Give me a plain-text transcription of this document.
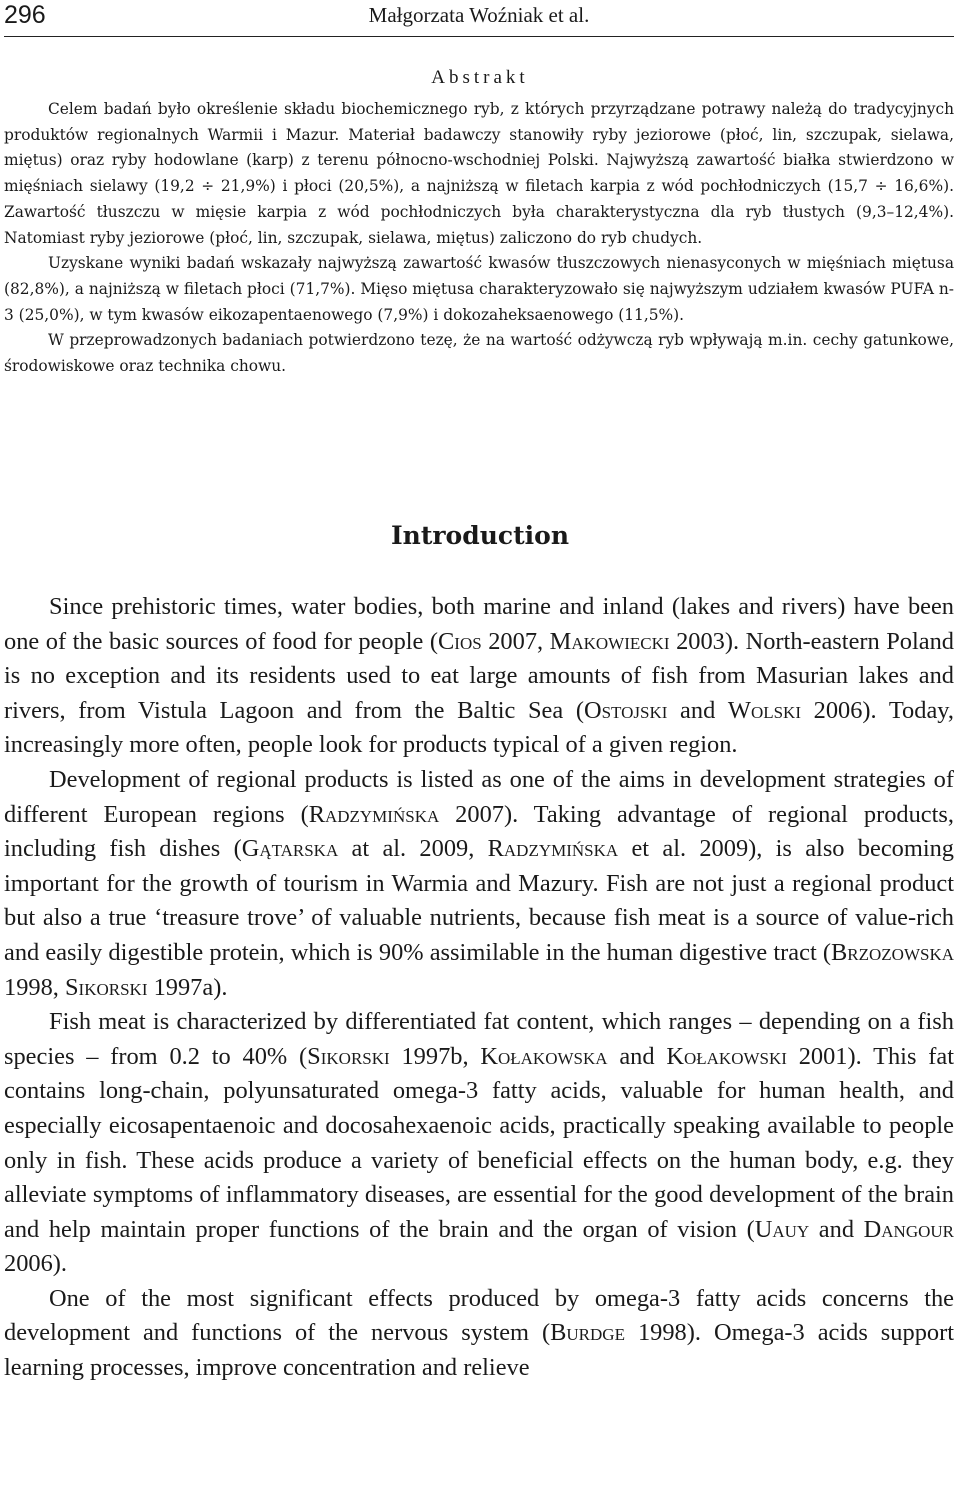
296	Małgorzata Woźniak et al.
Abstrakt

Celem badań było określenie składu biochemicznego ryb, z których przyrządzane potrawy należą do tradycyjnych produktów regionalnych Warmii i Mazur. Materiał badawczy stanowiły ryby jeziorowe (płoć, lin, szczupak, sielawa, miętus) oraz ryby hodowlane (karp) z terenu północno-wschodniej Polski. Najwyższą zawartość białka stwierdzono w mięśniach sielawy (19,2 ÷ 21,9%) i płoci (20,5%), a najniższą w filetach karpia z wód pochłodniczych (15,7 ÷ 16,6%). Zawartość tłuszczu w mięsie karpia z wód pochłodniczych była charakterystyczna dla ryb tłustych (9,3–12,4%). Natomiast ryby jeziorowe (płoć, lin, szczupak, sielawa, miętus) zaliczono do ryb chudych.

Uzyskane wyniki badań wskazały najwyższą zawartość kwasów tłuszczowych nienasyconych w mięśniach miętusa (82,8%), a najniższą w filetach płoci (71,7%). Mięso miętusa charakteryzowało się najwyższym udziałem kwasów PUFA n-3 (25,0%), w tym kwasów eikozapentaenowego (7,9%) i dokozaheksaenowego (11,5%).

W przeprowadzonych badaniach potwierdzono tezę, że na wartość odżywczą ryb wpływają m.in. cechy gatunkowe, środowiskowe oraz technika chowu.

Introduction

Since prehistoric times, water bodies, both marine and inland (lakes and rivers) have been one of the basic sources of food for people (Cios 2007, Makowiecki 2003). North-eastern Poland is no exception and its residents used to eat large amounts of fish from Masurian lakes and rivers, from Vistula Lagoon and from the Baltic Sea (Ostojski and Wolski 2006). Today, increasingly more often, people look for products typical of a given region.

Development of regional products is listed as one of the aims in development strategies of different European regions (Radzymińska 2007). Taking advantage of regional products, including fish dishes (Gątarska at al. 2009, Radzymińska et al. 2009), is also becoming important for the growth of tourism in Warmia and Mazury. Fish are not just a regional product but also a true ‘treasure trove’ of valuable nutrients, because fish meat is a source of value-rich and easily digestible protein, which is 90% assimilable in the human digestive tract (Brzozowska 1998, Sikorski 1997a).

Fish meat is characterized by differentiated fat content, which ranges – depending on a fish species – from 0.2 to 40% (Sikorski 1997b, Kołakowska and Kołakowski 2001). This fat contains long-chain, polyunsaturated omega-3 fatty acids, valuable for human health, and especially eicosapentaenoic and docosahexaenoic acids, practically speaking available to people only in fish. These acids produce a variety of beneficial effects on the human body, e.g. they alleviate symptoms of inflammatory diseases, are essential for the good development of the brain and help maintain proper functions of the brain and the organ of vision (Uauy and Dangour 2006).

One of the most significant effects produced by omega-3 fatty acids concerns the development and functions of the nervous system (Burdge 1998). Omega-3 acids support learning processes, improve concentration and relieve
